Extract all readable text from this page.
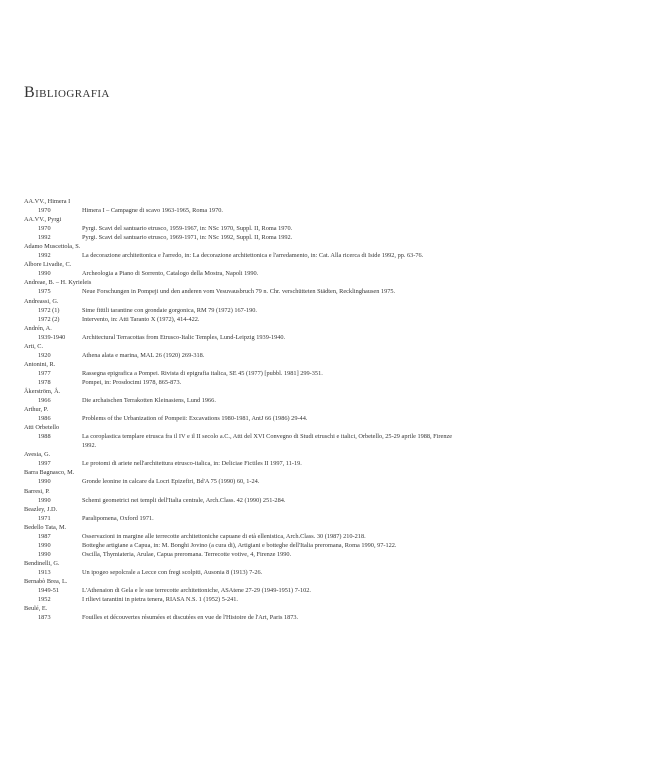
Bibliografia
AA.VV., Himera I
1970	Himera I – Campagne di scavo 1963-1965, Roma 1970.
AA.VV., Pyrgi
1970	Pyrgi. Scavi del santuario etrusco, 1959-1967, in: NSc 1970, Suppl. II, Roma 1970.
1992	Pyrgi. Scavi del santuario etrusco, 1969-1971, in: NSc 1992, Suppl. II, Roma 1992.
Adamo Muscettola, S.
1992	La decorazione architettonica e l'arredo, in: La decorazione architettonica e l'arredamento, in: Cat. Alla ricerca di Iside 1992, pp. 63-76.
Albore Livadie, C.
1990	Archeologia a Piano di Sorrento, Catalogo della Mostra, Napoli 1990.
Andreae, B. – H. Kyrieleis
1975	Neue Forschungen in Pompeji und den anderen vom Vesuvausbruch 79 n. Chr. verschütteten Städten, Recklinghausen 1975.
Andreassi, G.
1972 (1)	Sime fittili tarantine con grondaie gorgonica, RM 79 (1972) 167-190.
1972 (2)	Intervento, in: Atti Taranto X (1972), 414-422.
Andrén, A.
1939-1940	Architectural Terracottas from Etrusco-Italic Temples, Lund-Leipzig 1939-1940.
Arti, C.
1920	Athena alata e marina, MAL 26 (1920) 269-318.
Antonini, R.
1977	Rassegna epigrafica a Pompei. Rivista di epigrafia italica, SE 45 (1977) [pubbl. 1981] 299-351.
1978	Pompei, in: Prosdocimi 1978, 865-873.
Åkerström, Å.
1966	Die archaischen Terrakotten Kleinasiens, Lund 1966.
Arthur, P.
1986	Problems of the Urbanization of Pompeii: Excavations 1980-1981, AntJ 66 (1986) 29-44.
Atti Orbetello
1988	La coroplastica templare etrusca fra il IV e il II secolo a.C., Atti del XVI Convegno di Studi etruschi e italici, Orbetello, 25-29 aprile 1988, Firenze 1992.
Avesia, G.
1997	Le protomi di ariete nell'architettura etrusco-italica, in: Deliciae Fictiles II 1997, 11-19.
Barra Bagnasco, M.
1990	Gronde leonine in calcare da Locri Epizefiri, Bd'A 75 (1990) 60, 1-24.
Barresi, P.
1990	Schemi geometrici nei templi dell'Italia centrale, Arch.Class. 42 (1990) 251-284.
Beazley, J.D.
1971	Paralipomena, Oxford 1971.
Bedello Tata, M.
1987	Osservazioni in margine alle terrecotte architettoniche capuane di età ellenistica, Arch.Class. 30 (1987) 210-218.
1990	Botteghe artigiane a Capua, in: M. Bonghi Jovino (a cura di), Artigiani e botteghe dell'Italia preromana, Roma 1990, 97-122.
1990	Oscilla, Thymiateria, Arulae, Capua preromana. Terrecotte votive, 4, Firenze 1990.
Bendinelli, G.
1913	Un ipogeo sepolcrale a Lecce con fregi scolpiti, Ausonia 8 (1913) 7-26.
Bernabò Brea, L.
1949-51	L'Athenaion di Gela e le sue terrecotte architettoniche, ASAtene 27-29 (1949-1951) 7-102.
1952	I rilievi tarantini in pietra tenera, RIASA N.S. 1 (1952) 5-241.
Beulé, E.
1873	Fouilles et découvertes résumées et discutées en vue de l'Histoire de l'Art, Paris 1873.
